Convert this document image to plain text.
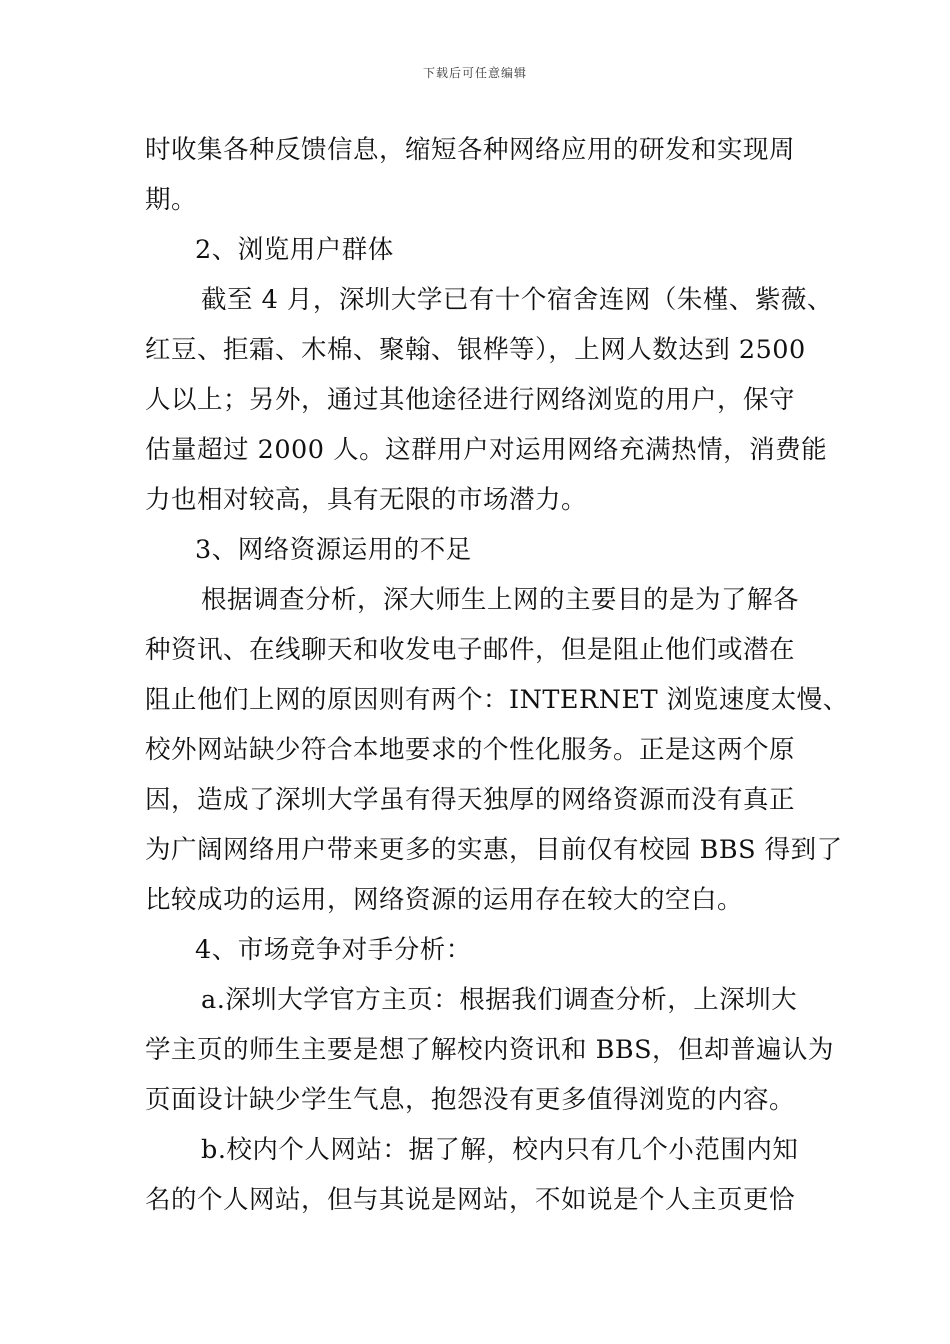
下载后可任意编辑
时收集各种反馈信息，缩短各种网络应用的研发和实现周
期。
2、浏览用户群体
截至 4 月，深圳大学已有十个宿舍连网（朱槿、紫薇、
红豆、拒霜、木棉、聚翰、银桦等），上网人数达到 2500
人以上；另外，通过其他途径进行网络浏览的用户，保守
估量超过 2000 人。这群用户对运用网络充满热情，消费能
力也相对较高，具有无限的市场潜力。
3、网络资源运用的不足
根据调查分析，深大师生上网的主要目的是为了解各
种资讯、在线聊天和收发电子邮件，但是阻止他们或潜在
阻止他们上网的原因则有两个：INTERNET 浏览速度太慢、
校外网站缺少符合本地要求的个性化服务。正是这两个原
因，造成了深圳大学虽有得天独厚的网络资源而没有真正
为广阔网络用户带来更多的实惠，目前仅有校园 BBS 得到了
比较成功的运用，网络资源的运用存在较大的空白。
4、市场竞争对手分析：
a.深圳大学官方主页：根据我们调查分析，上深圳大
学主页的师生主要是想了解校内资讯和 BBS，但却普遍认为
页面设计缺少学生气息，抱怨没有更多值得浏览的内容。
b.校内个人网站：据了解，校内只有几个小范围内知
名的个人网站，但与其说是网站，不如说是个人主页更恰
